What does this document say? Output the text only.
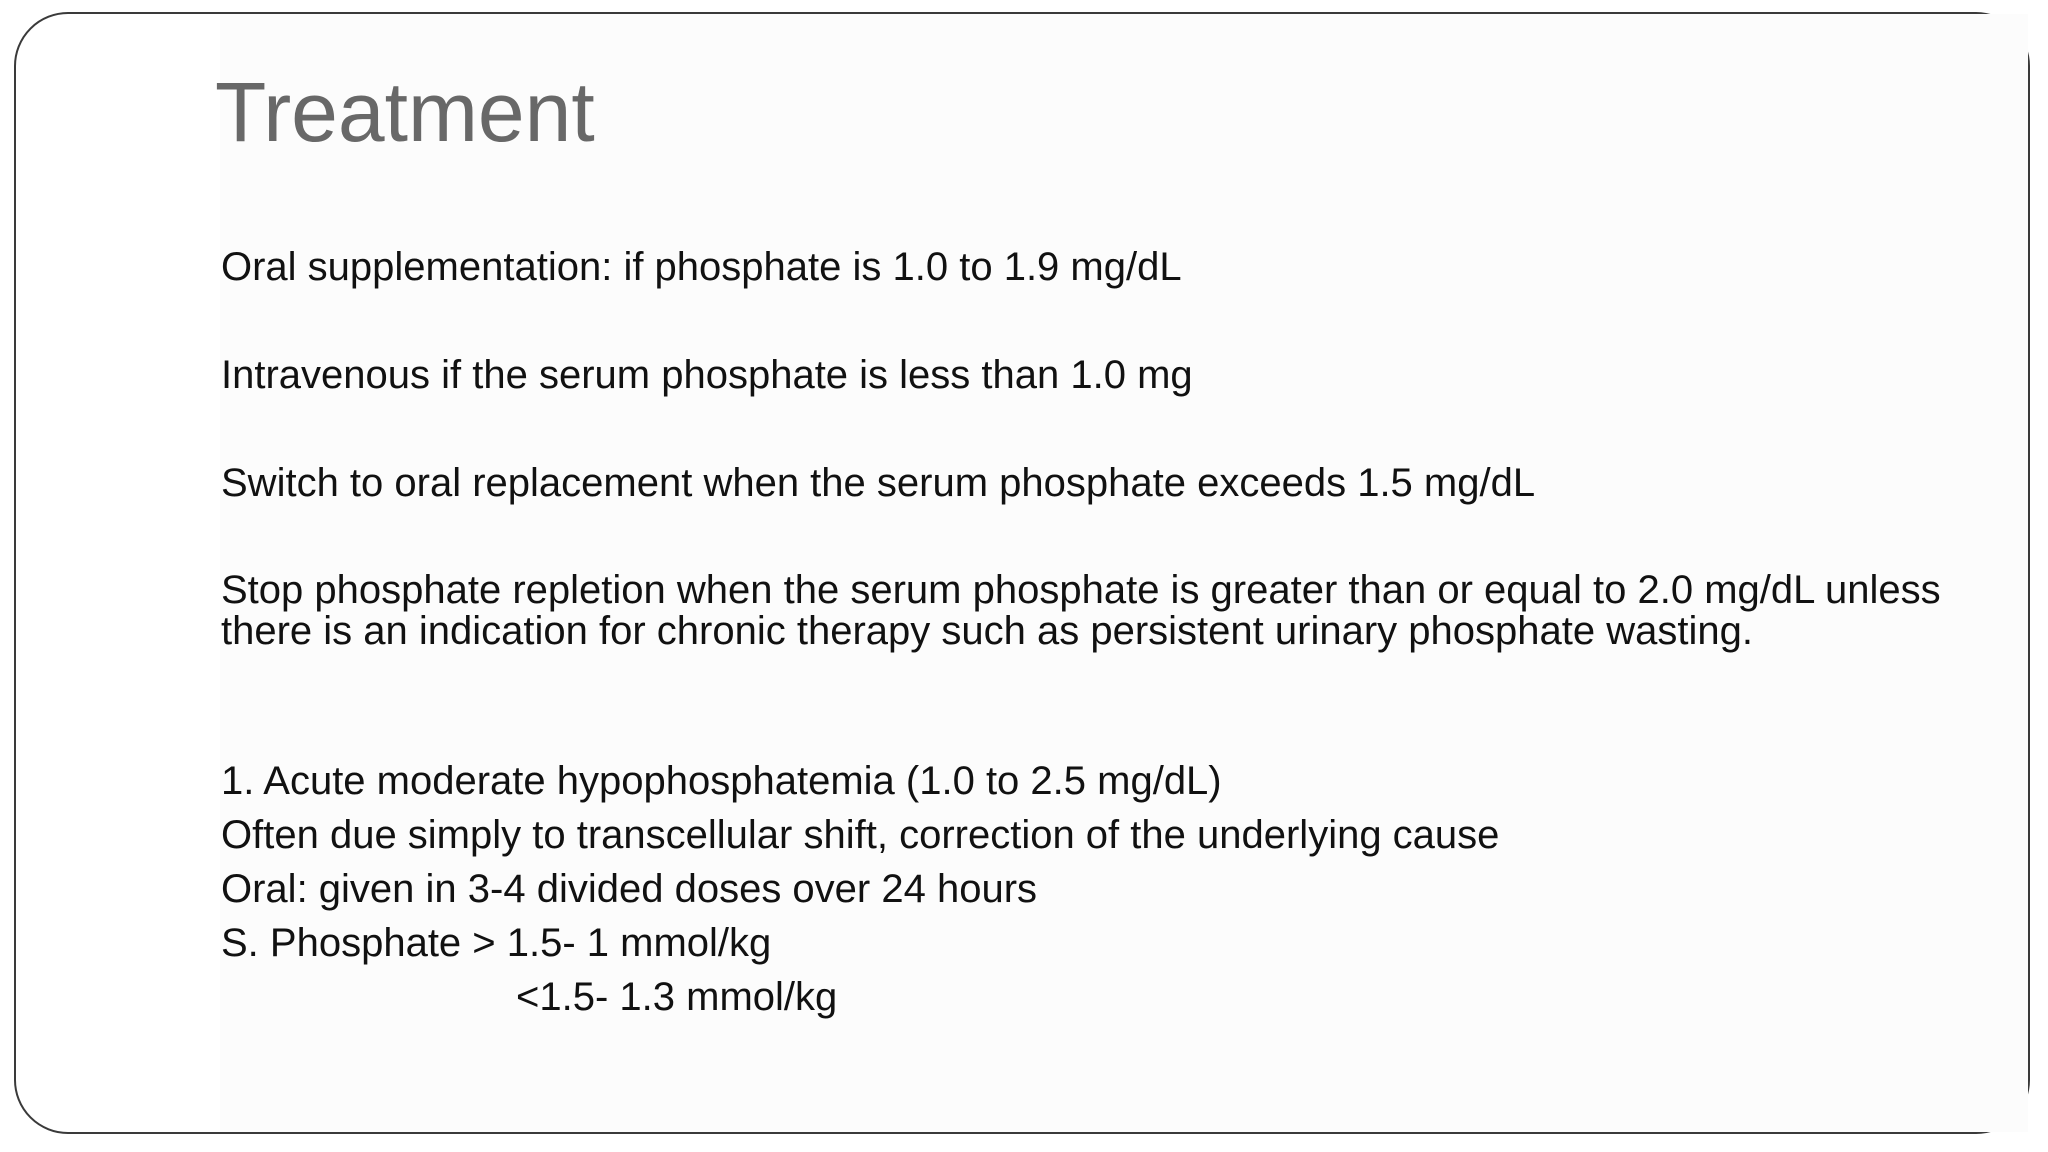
Treatment

Oral supplementation: if phosphate is 1.0 to 1.9 mg/dL

Intravenous if the serum phosphate is less than 1.0 mg

Switch to oral replacement when the serum phosphate exceeds 1.5 mg/dL

Stop phosphate repletion when the serum phosphate is greater than or equal to 2.0 mg/dL unless there is an indication for chronic therapy such as persistent urinary phosphate wasting.

1. Acute moderate hypophosphatemia (1.0 to 2.5 mg/dL)

Often due simply to transcellular shift, correction of the underlying cause

Oral: given in 3-4 divided doses over 24 hours

S. Phosphate > 1.5- 1 mmol/kg

<1.5- 1.3 mmol/kg
